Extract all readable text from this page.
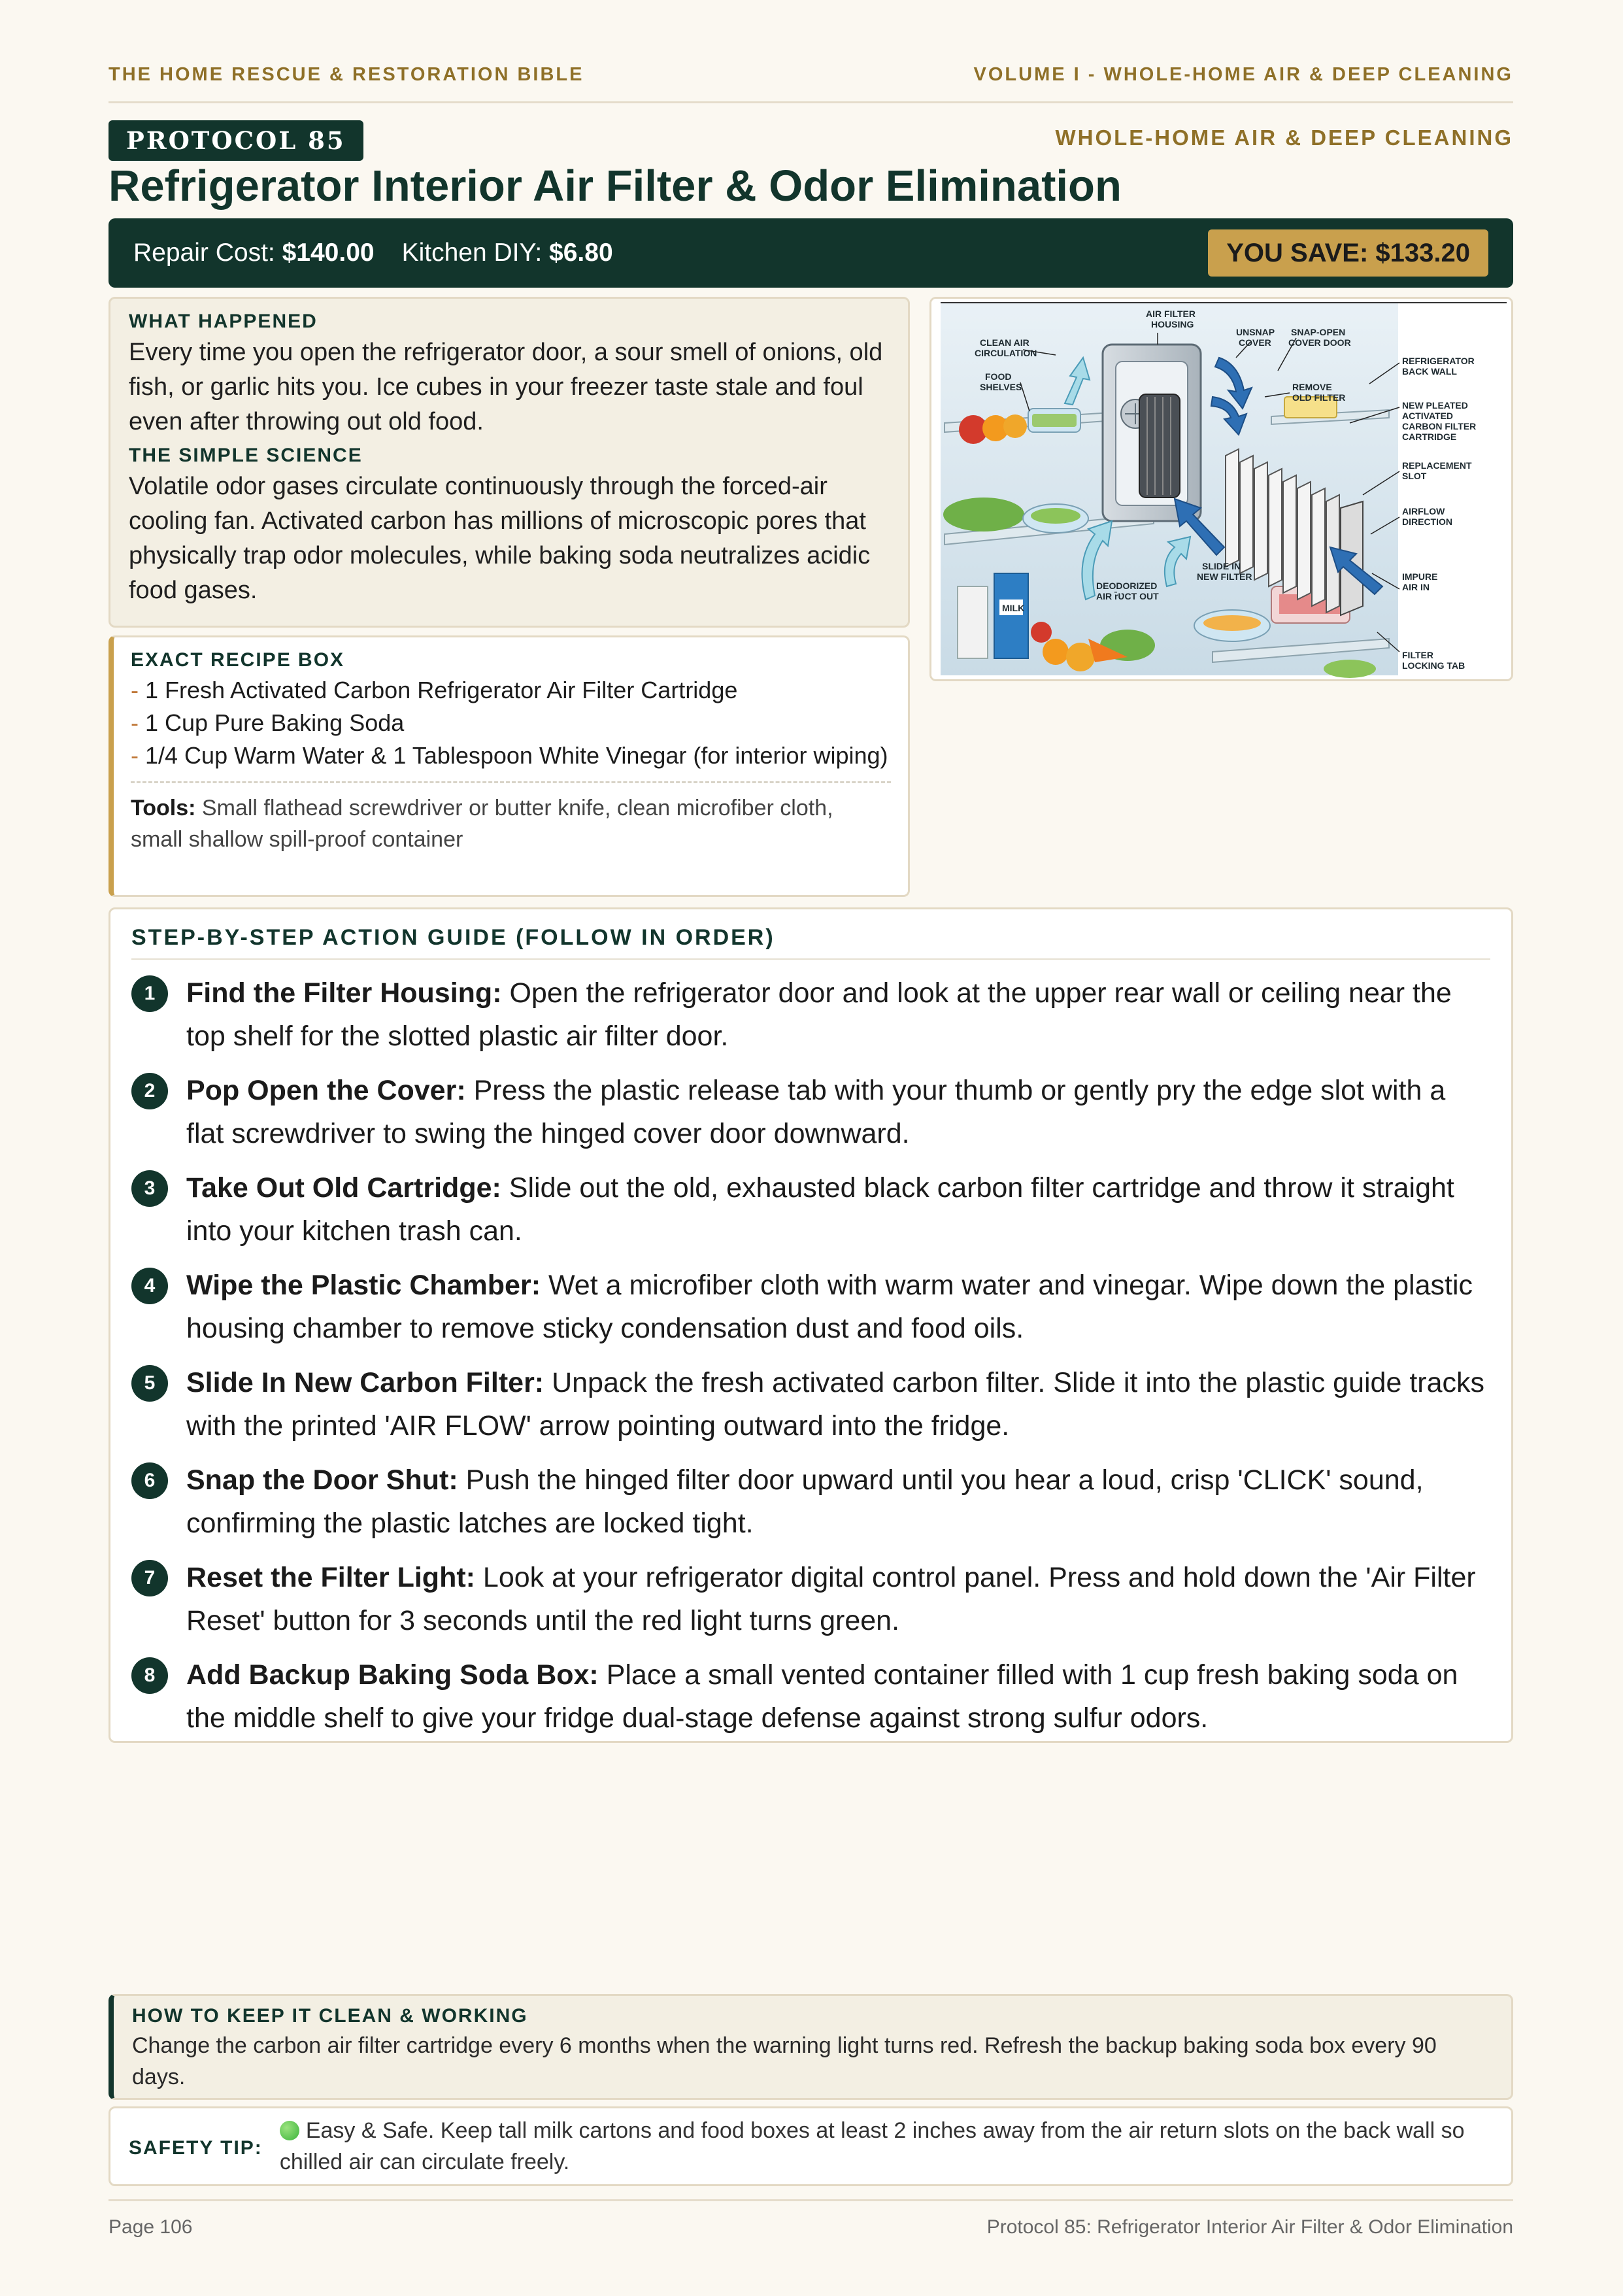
THE HOME RESCUE & RESTORATION BIBLE	VOLUME I - WHOLE-HOME AIR & DEEP CLEANING
PROTOCOL 85	WHOLE-HOME AIR & DEEP CLEANING
Refrigerator Interior Air Filter & Odor Elimination
Repair Cost: $140.00 Kitchen DIY: $6.80	YOU SAVE: $133.20

WHAT HAPPENED

Every time you open the refrigerator door, a sour smell of onions, old fish, or garlic hits you. Ice cubes in your freezer taste stale and foul even after throwing out old food.

THE SIMPLE SCIENCE

Volatile odor gases circulate continuously through the forced-air cooling fan. Activated carbon has millions of microscopic pores that physically trap odor molecules, while baking soda neutralizes acidic food gases.

MILK
AIR FILTER
HOUSING
UNSNAP
COVER
SNAP-OPEN
COVER DOOR
CLEAN AIR
CIRCULATION
FOOD
SHELVES	REMOVE
OLD FILTER
REFRIGERATOR
BACK WALL
NEW PLEATED
ACTIVATED
CARBON FILTER
CARTRIDGE
REPLACEMENT
SLOT
AIRFLOW
DIRECTION
SLIDE IN
NEW FILTER
DEODORIZED
AIR r̄ƲCT OUT
IMPURE
AIR IN
FILTER
LOCKING TAB

EXACT RECIPE BOX

- 1 Fresh Activated Carbon Refrigerator Air Filter Cartridge
- 1 Cup Pure Baking Soda
- 1/4 Cup Warm Water & 1 Tablespoon White Vinegar (for interior wiping)

Tools: Small flathead screwdriver or butter knife, clean microfiber cloth, small shallow spill-proof container

STEP-BY-STEP ACTION GUIDE (FOLLOW IN ORDER)

1	Find the Filter Housing: Open the refrigerator door and look at the upper rear wall or ceiling near the top shelf for the slotted plastic air filter door.
2	Pop Open the Cover: Press the plastic release tab with your thumb or gently pry the edge slot with a flat screwdriver to swing the hinged cover door downward.
3	Take Out Old Cartridge: Slide out the old, exhausted black carbon filter cartridge and throw it straight into your kitchen trash can.
4	Wipe the Plastic Chamber: Wet a microfiber cloth with warm water and vinegar. Wipe down the plastic housing chamber to remove sticky condensation dust and food oils.
5	Slide In New Carbon Filter: Unpack the fresh activated carbon filter. Slide it into the plastic guide tracks with the printed 'AIR FLOW' arrow pointing outward into the fridge.
6	Snap the Door Shut: Push the hinged filter door upward until you hear a loud, crisp 'CLICK' sound, confirming the plastic latches are locked tight.
7	Reset the Filter Light: Look at your refrigerator digital control panel. Press and hold down the 'Air Filter Reset' button for 3 seconds until the red light turns green.
8	Add Backup Baking Soda Box: Place a small vented container filled with 1 cup fresh baking soda on the middle shelf to give your fridge dual-stage defense against strong sulfur odors.

HOW TO KEEP IT CLEAN & WORKING

Change the carbon air filter cartridge every 6 months when the warning light turns red. Refresh the backup baking soda box every 90 days.

SAFETY TIP:
Easy & Safe. Keep tall milk cartons and food boxes at least 2 inches away from the air return slots on the back wall so chilled air can circulate freely.
Page 106	Protocol 85: Refrigerator Interior Air Filter & Odor Elimination
